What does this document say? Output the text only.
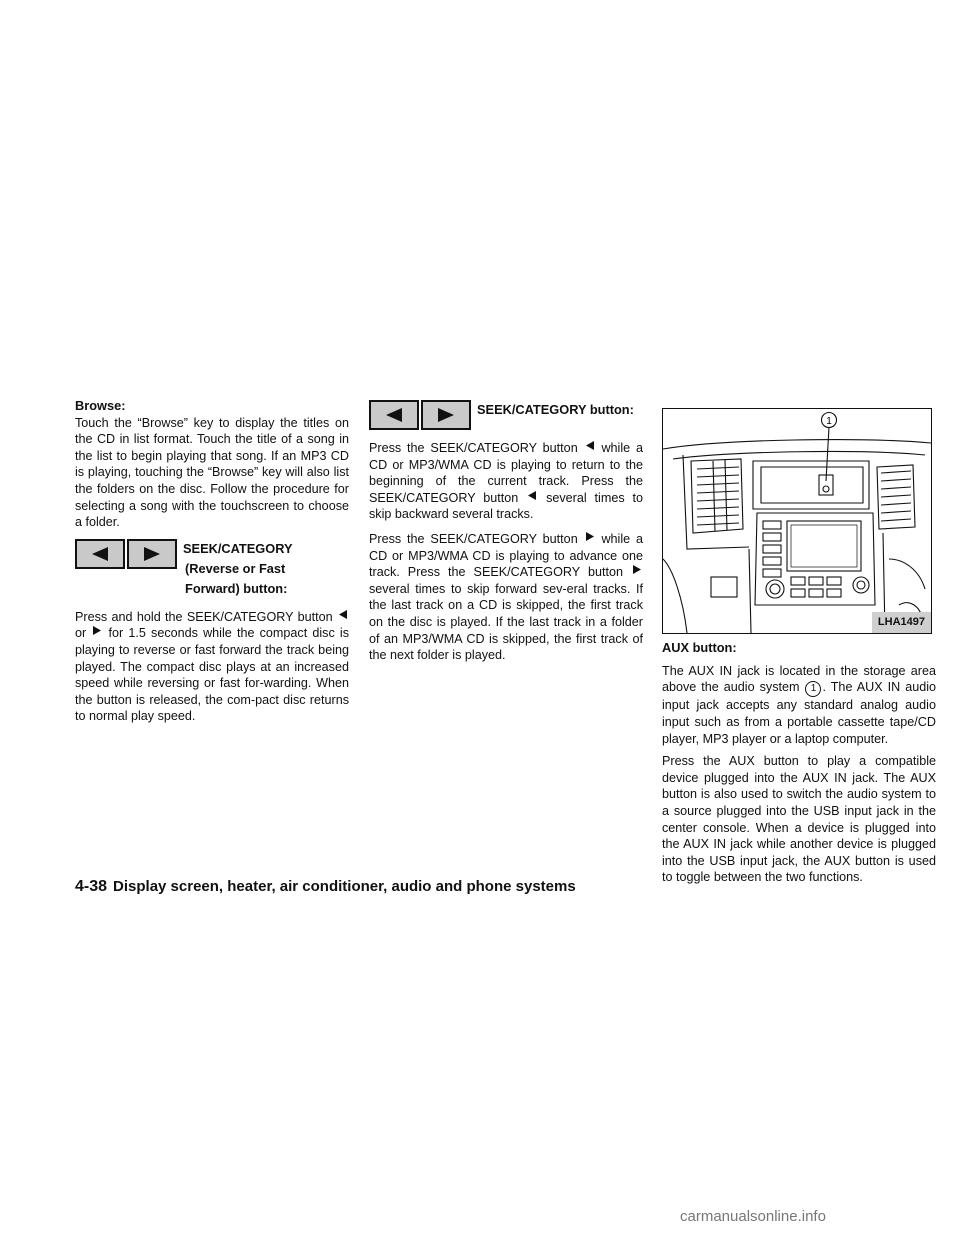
Browse:

Touch the “Browse” key to display the titles on the CD in list format. Touch the title of a song in the list to begin playing that song. If an MP3 CD is playing, touching the “Browse” key will also list the folders on the disc. Follow the procedure for selecting a song with the touchscreen to choose a folder.

SEEK/CATEGORY
(Reverse or Fast
Forward) button:

Press and hold the SEEK/CATEGORY button  or for 1.5 seconds while the compact disc is playing to reverse or fast forward the track being played. The compact disc plays at an increased speed while reversing or fast for-warding. When the button is released, the com-pact disc returns to normal play speed.

SEEK/CATEGORY button:

Press the SEEK/CATEGORY button while a CD or MP3/WMA CD is playing to return to the beginning of the current track. Press the SEEK/CATEGORY button several times to skip backward several tracks.

Press the SEEK/CATEGORY button while a CD or MP3/WMA CD is playing to advance one track. Press the SEEK/CATEGORY button  several times to skip forward sev-eral tracks. If the last track on a CD is skipped, the first track on the disc is played. If the last track in a folder of an MP3/WMA CD is skipped, the first track of the next folder is played.

1
LHA1497
AUX button:

The AUX IN jack is located in the storage area above the audio system 1 . The AUX IN audio input jack accepts any standard analog audio input such as from a portable cassette tape/CD player, MP3 player or a laptop computer.

Press the AUX button to play a compatible device plugged into the AUX IN jack. The AUX button is also used to switch the audio system to a source plugged into the USB input jack in the center console. When a device is plugged into the AUX IN jack while another device is plugged into the USB input jack, the AUX button is used to toggle between the two functions.

4-38 Display screen, heater, air conditioner, audio and phone systems
carmanualsonline.info
